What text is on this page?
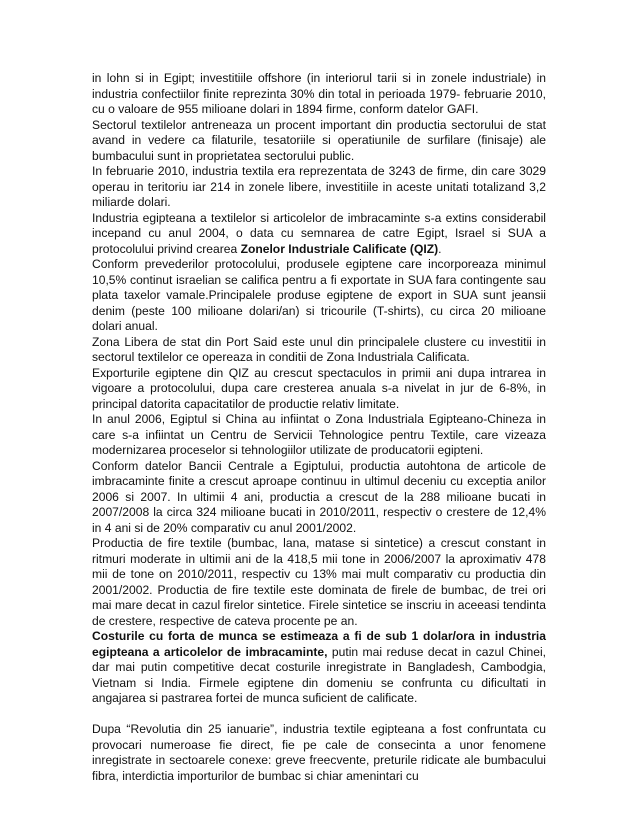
in lohn si in Egipt; investitiile offshore (in interiorul tarii si in zonele industriale) in industria confectiilor finite reprezinta 30% din total in perioada 1979- februarie 2010, cu o valoare de 955 milioane dolari in 1894 firme, conform datelor GAFI.

Sectorul textilelor antreneaza un procent important din productia sectorului de stat avand in vedere ca filaturile, tesatoriile si operatiunile de surfilare (finisaje) ale bumbacului sunt in proprietatea sectorului public.

In februarie 2010, industria textila era reprezentata de 3243 de firme, din care 3029 operau in teritoriu iar 214 in zonele libere, investitiile in aceste unitati totalizand 3,2 miliarde dolari.

Industria egipteana a textilelor si articolelor de imbracaminte s-a extins considerabil incepand cu anul 2004, o data cu semnarea de catre Egipt, Israel si SUA a protocolului privind crearea Zonelor Industriale Calificate (QIZ).

Conform prevederilor protocolului, produsele egiptene care incorporeaza minimul 10,5% continut israelian se califica pentru a fi exportate in SUA fara contingente sau plata taxelor vamale.Principalele produse egiptene de export in SUA sunt jeansii denim (peste 100 milioane dolari/an) si tricourile (T-shirts), cu circa 20 milioane dolari anual.

Zona Libera de stat din Port Said este unul din principalele clustere cu investitii in sectorul textilelor ce opereaza in conditii de Zona Industriala Calificata.

Exporturile egiptene din QIZ au crescut spectaculos in primii ani dupa intrarea in vigoare a protocolului, dupa care cresterea anuala s-a nivelat in jur de 6-8%, in principal datorita capacitatilor de productie relativ limitate.

In anul 2006, Egiptul si China au infiintat o Zona Industriala Egipteano-Chineza in care s-a infiintat un Centru de Servicii Tehnologice pentru Textile, care vizeaza modernizarea proceselor si tehnologiilor utilizate de producatorii egipteni.

Conform datelor Bancii Centrale a Egiptului, productia autohtona de articole de imbracaminte finite a crescut aproape continuu in ultimul deceniu cu exceptia anilor 2006 si 2007. In ultimii 4 ani, productia a crescut de la 288 milioane bucati in 2007/2008 la circa 324 milioane bucati in 2010/2011, respectiv o crestere de 12,4% in 4 ani si de 20% comparativ cu anul 2001/2002.

Productia de fire textile (bumbac, lana, matase si sintetice) a crescut constant in ritmuri moderate in ultimii ani de la 418,5 mii tone in 2006/2007 la aproximativ 478 mii de tone on 2010/2011, respectiv cu 13% mai mult comparativ cu productia din 2001/2002. Productia de fire textile este dominata de firele de bumbac, de trei ori mai mare decat in cazul firelor sintetice. Firele sintetice se inscriu in aceeasi tendinta de crestere, respective de cateva procente pe an.

Costurile cu forta de munca se estimeaza a fi de sub 1 dolar/ora in industria egipteana a articolelor de imbracaminte, putin mai reduse decat in cazul Chinei, dar mai putin competitive decat costurile inregistrate in Bangladesh, Cambodgia, Vietnam si India. Firmele egiptene din domeniu se confrunta cu dificultati in angajarea si pastrarea fortei de munca suficient de calificate.

Dupa “Revolutia din 25 ianuarie”, industria textile egipteana a fost confruntata cu provocari numeroase fie direct, fie pe cale de consecinta a unor fenomene inregistrate in sectoarele conexe: greve freecvente, preturile ridicate ale bumbacului fibra, interdictia importurilor de bumbac si chiar amenintari cu
